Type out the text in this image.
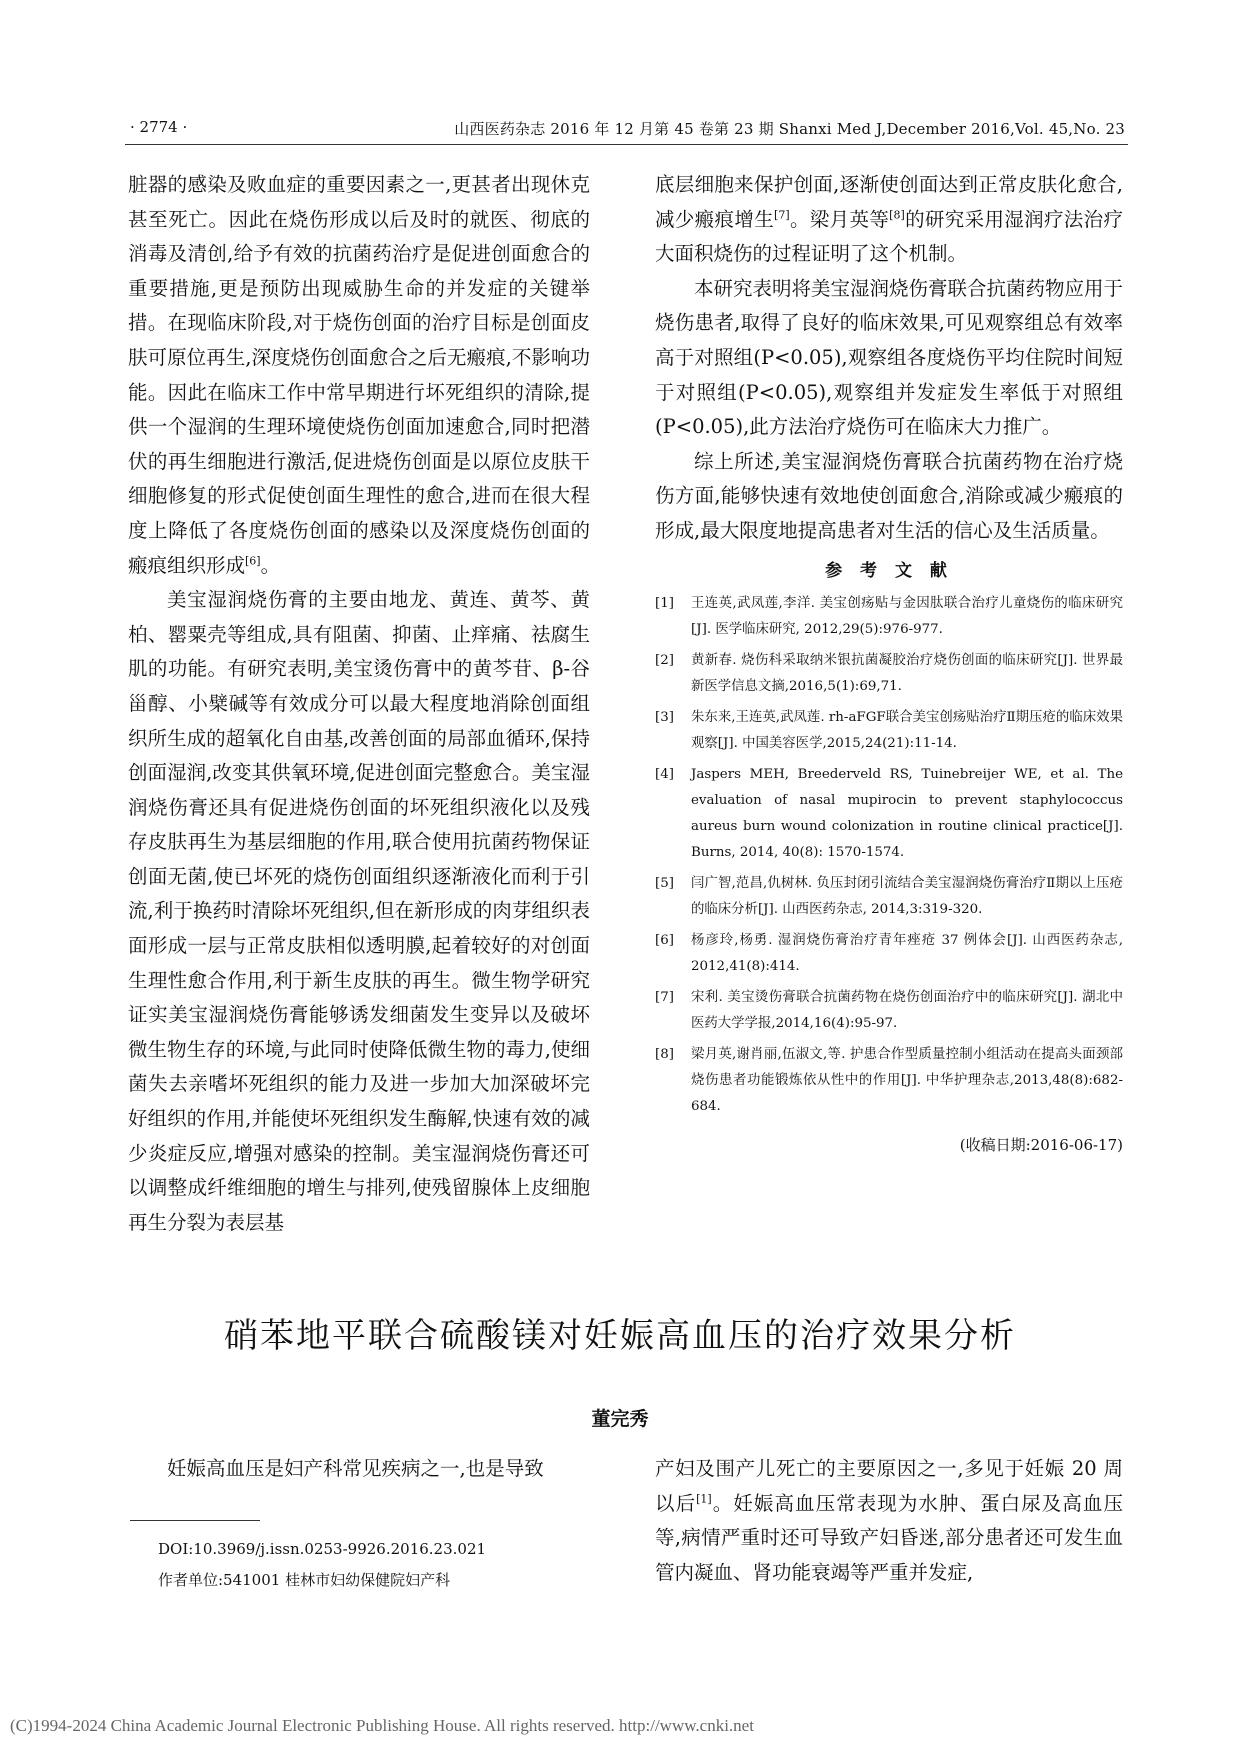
· 2774 ·	山西医药杂志 2016 年 12 月第 45 卷第 23 期 Shanxi Med J,December 2016,Vol. 45,No. 23

脏器的感染及败血症的重要因素之一,更甚者出现休克甚至死亡。因此在烧伤形成以后及时的就医、彻底的消毒及清创,给予有效的抗菌药治疗是促进创面愈合的重要措施,更是预防出现威胁生命的并发症的关键举措。在现临床阶段,对于烧伤创面的治疗目标是创面皮肤可原位再生,深度烧伤创面愈合之后无瘢痕,不影响功能。因此在临床工作中常早期进行坏死组织的清除,提供一个湿润的生理环境使烧伤创面加速愈合,同时把潜伏的再生细胞进行激活,促进烧伤创面是以原位皮肤干细胞修复的形式促使创面生理性的愈合,进而在很大程度上降低了各度烧伤创面的感染以及深度烧伤创面的瘢痕组织形成[6]。

美宝湿润烧伤膏的主要由地龙、黄连、黄芩、黄柏、罂粟壳等组成,具有阻菌、抑菌、止痒痛、祛腐生肌的功能。有研究表明,美宝烫伤膏中的黄芩苷、β-谷甾醇、小檗碱等有效成分可以最大程度地消除创面组织所生成的超氧化自由基,改善创面的局部血循环,保持创面湿润,改变其供氧环境,促进创面完整愈合。美宝湿润烧伤膏还具有促进烧伤创面的坏死组织液化以及残存皮肤再生为基层细胞的作用,联合使用抗菌药物保证创面无菌,使已坏死的烧伤创面组织逐渐液化而利于引流,利于换药时清除坏死组织,但在新形成的肉芽组织表面形成一层与正常皮肤相似透明膜,起着较好的对创面生理性愈合作用,利于新生皮肤的再生。微生物学研究证实美宝湿润烧伤膏能够诱发细菌发生变异以及破坏微生物生存的环境,与此同时使降低微生物的毒力,使细菌失去亲嗜坏死组织的能力及进一步加大加深破坏完好组织的作用,并能使坏死组织发生酶解,快速有效的减少炎症反应,增强对感染的控制。美宝湿润烧伤膏还可以调整成纤维细胞的增生与排列,使残留腺体上皮细胞再生分裂为表层基

底层细胞来保护创面,逐渐使创面达到正常皮肤化愈合,减少瘢痕增生[7]。梁月英等[8]的研究采用湿润疗法治疗大面积烧伤的过程证明了这个机制。

本研究表明将美宝湿润烧伤膏联合抗菌药物应用于烧伤患者,取得了良好的临床效果,可见观察组总有效率高于对照组(P<0.05),观察组各度烧伤平均住院时间短于对照组(P<0.05),观察组并发症发生率低于对照组(P<0.05),此方法治疗烧伤可在临床大力推广。

综上所述,美宝湿润烧伤膏联合抗菌药物在治疗烧伤方面,能够快速有效地使创面愈合,消除或减少瘢痕的形成,最大限度地提高患者对生活的信心及生活质量。

参 考 文 献
[1]	王连英,武凤莲,李洋. 美宝创疡贴与金因肽联合治疗儿童烧伤的临床研究[J]. 医学临床研究, 2012,29(5):976-977.
[2]	黄新春. 烧伤科采取纳米银抗菌凝胶治疗烧伤创面的临床研究[J]. 世界最新医学信息文摘,2016,5(1):69,71.
[3]	朱东来,王连英,武凤莲. rh-aFGF联合美宝创疡贴治疗Ⅱ期压疮的临床效果观察[J]. 中国美容医学,2015,24(21):11-14.
[4]	Jaspers MEH, Breederveld RS, Tuinebreijer WE, et al. The evaluation of nasal mupirocin to prevent staphylococcus aureus burn wound colonization in routine clinical practice[J]. Burns, 2014, 40(8): 1570-1574.
[5]	闫广智,范昌,仇树林. 负压封闭引流结合美宝湿润烧伤膏治疗Ⅱ期以上压疮的临床分析[J]. 山西医药杂志, 2014,3:319-320.
[6]	杨彦玲,杨勇. 湿润烧伤膏治疗青年痤疮 37 例体会[J]. 山西医药杂志, 2012,41(8):414.
[7]	宋利. 美宝烫伤膏联合抗菌药物在烧伤创面治疗中的临床研究[J]. 湖北中医药大学学报,2014,16(4):95-97.
[8]	梁月英,谢肖丽,伍淑文,等. 护患合作型质量控制小组活动在提高头面颈部烧伤患者功能锻炼依从性中的作用[J]. 中华护理杂志,2013,48(8):682-684.
(收稿日期:2016-06-17)
硝苯地平联合硫酸镁对妊娠高血压的治疗效果分析
董完秀

妊娠高血压是妇产科常见疾病之一,也是导致

DOI:10.3969/j.issn.0253-9926.2016.23.021
作者单位:541001 桂林市妇幼保健院妇产科

产妇及围产儿死亡的主要原因之一,多见于妊娠 20 周以后[1]。妊娠高血压常表现为水肿、蛋白尿及高血压等,病情严重时还可导致产妇昏迷,部分患者还可发生血管内凝血、肾功能衰竭等严重并发症,

(C)1994-2024 China Academic Journal Electronic Publishing House. All rights reserved. http://www.cnki.net
